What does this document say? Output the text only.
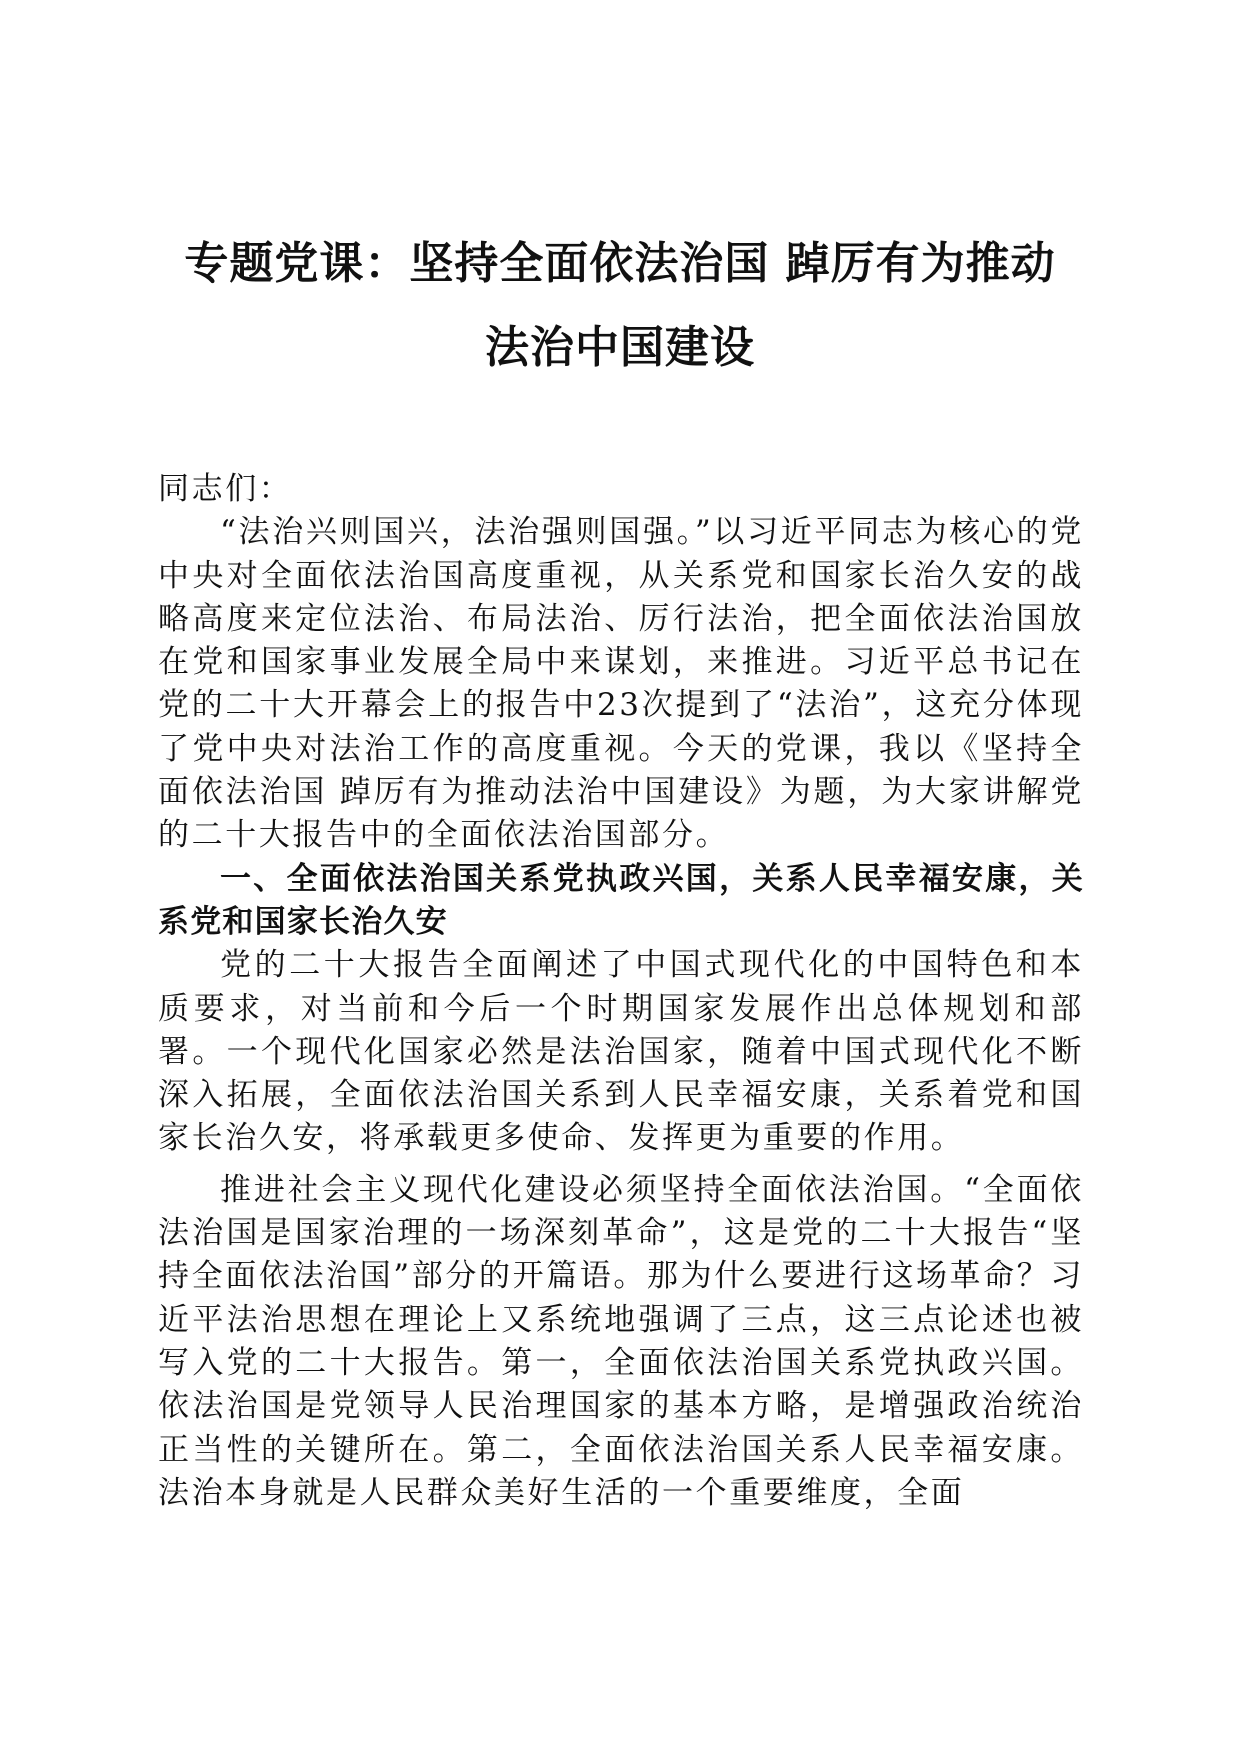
专题党课：坚持全面依法治国 踔厉有为推动
法治中国建设

同志们：

“法治兴则国兴，法治强则国强。”以习近平同志为核心的党中央对全面依法治国高度重视，从关系党和国家长治久安的战略高度来定位法治、布局法治、厉行法治，把全面依法治国放在党和国家事业发展全局中来谋划，来推进。习近平总书记在党的二十大开幕会上的报告中23次提到了“法治”，这充分体现了党中央对法治工作的高度重视。今天的党课，我以《坚持全面依法治国 踔厉有为推动法治中国建设》为题，为大家讲解党的二十大报告中的全面依法治国部分。

一、全面依法治国关系党执政兴国，关系人民幸福安康，关系党和国家长治久安

党的二十大报告全面阐述了中国式现代化的中国特色和本质要求，对当前和今后一个时期国家发展作出总体规划和部署。一个现代化国家必然是法治国家，随着中国式现代化不断深入拓展，全面依法治国关系到人民幸福安康，关系着党和国家长治久安，将承载更多使命、发挥更为重要的作用。

推进社会主义现代化建设必须坚持全面依法治国。“全面依法治国是国家治理的一场深刻革命”，这是党的二十大报告“坚持全面依法治国”部分的开篇语。那为什么要进行这场革命？习近平法治思想在理论上又系统地强调了三点，这三点论述也被写入党的二十大报告。第一，全面依法治国关系党执政兴国。依法治国是党领导人民治理国家的基本方略，是增强政治统治正当性的关键所在。第二，全面依法治国关系人民幸福安康。法治本身就是人民群众美好生活的一个重要维度，全面
